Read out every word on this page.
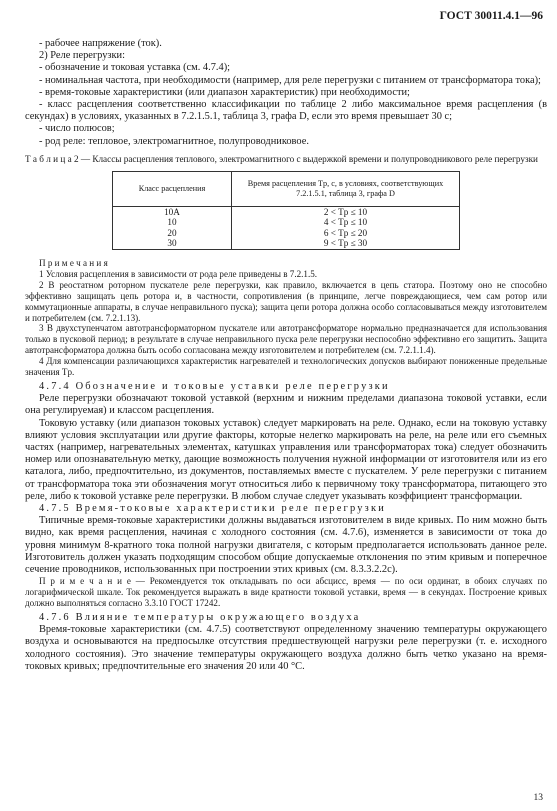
ГОСТ 30011.4.1—96

- рабочее напряжение (ток).

2) Реле перегрузки:

- обозначение и токовая уставка (см. 4.7.4);

- номинальная частота, при необходимости (например, для реле перегрузки с питанием от трансформатора тока);

- время-токовые характеристики (или диапазон характеристик) при необходимости;

- класс расцепления соответственно классификации по таблице 2 либо максимальное время расцепления (в секундах) в условиях, указанных в 7.2.1.5.1, таблица 3, графа D, если это время превышает 30 с;

- число полюсов;

- род реле: тепловое, электромагнитное, полупроводниковое.

Т а б л и ц а 2 — Классы расцепления теплового, электромагнитного с выдержкой времени и полупроводникового реле перегрузки

Класс расцепления	Время расцепления Tp, с, в условиях, соответствующих 7.2.1.5.1, таблица 3, графа D
10A	2 < Tp ≤ 10
10	4 < Tp ≤ 10
20	6 < Tp ≤ 20
30	9 < Tp ≤ 30

П р и м е ч а н и я

1 Условия расцепления в зависимости от рода реле приведены в 7.2.1.5.

2 В реостатном роторном пускателе реле перегрузки, как правило, включается в цепь статора. Поэтому оно не способно эффективно защищать цепь ротора и, в частности, сопротивления (в принципе, легче повреждающиеся, чем сам ротор или коммутационные аппараты, в случае неправильного пуска); защита цепи ротора должна особо согласовываться между изготовителем и потребителем (см. 7.2.1.13).

3 В двухступенчатом автотрансформаторном пускателе или автотрансформаторе нормально предназначается для использования только в пусковой период; в результате в случае неправильного пуска реле перегрузки неспособно эффективно его защитить. Защита автотрансформатора должна быть особо согласована между изготовителем и потребителем (см. 7.2.1.1.4).

4 Для компенсации различающихся характеристик нагревателей и технологических допусков выбирают пониженные предельные значения Tp.

4.7.4 Обозначение и токовые уставки реле перегрузки

Реле перегрузки обозначают токовой уставкой (верхним и нижним пределами диапазона токовой уставки, если она регулируемая) и классом расцепления.

Токовую уставку (или диапазон токовых уставок) следует маркировать на реле. Однако, если на токовую уставку влияют условия эксплуатации или другие факторы, которые нелегко маркировать на реле, на реле или его съемных частях (например, нагревательных элементах, катушках управления или трансформаторах тока) следует обозначить номер или опознавательную метку, дающие возможность получения нужной информации от изготовителя или из его каталога, либо, предпочтительно, из документов, поставляемых вместе с пускателем. У реле перегрузки с питанием от трансформатора тока эти обозначения могут относиться либо к первичному току трансформатора, питающего это реле, либо к токовой уставке реле перегрузки. В любом случае следует указывать коэффициент трансформации.

4.7.5 Время-токовые характеристики реле перегрузки

Типичные время-токовые характеристики должны выдаваться изготовителем в виде кривых. По ним можно быть видно, как время расцепления, начиная с холодного состояния (см. 4.7.6), изменяется в зависимости от тока до уровня минимум 8-кратного тока полной нагрузки двигателя, с которым предполагается использовать данное реле. Изготовитель должен указать подходящим способом общие допускаемые отклонения по этим кривым и поперечное сечение проводников, использованных при построении этих кривых (см. 8.3.3.2.2c).

П р и м е ч а н и е — Рекомендуется ток откладывать по оси абсцисс, время — по оси ординат, в обоих случаях по логарифмической шкале. Ток рекомендуется выражать в виде кратности токовой уставки, время — в секундах. Построение кривых должно выполняться согласно 3.3.10 ГОСТ 17242.

4.7.6 Влияние температуры окружающего воздуха

Время-токовые характеристики (см. 4.7.5) соответствуют определенному значению температуры окружающего воздуха и основываются на предпосылке отсутствия предшествующей нагрузки реле перегрузки (т. е. исходного холодного состояния). Это значение температуры окружающего воздуха должно быть четко указано на время-токовых кривых; предпочтительные его значения 20 или 40 °С.

13
